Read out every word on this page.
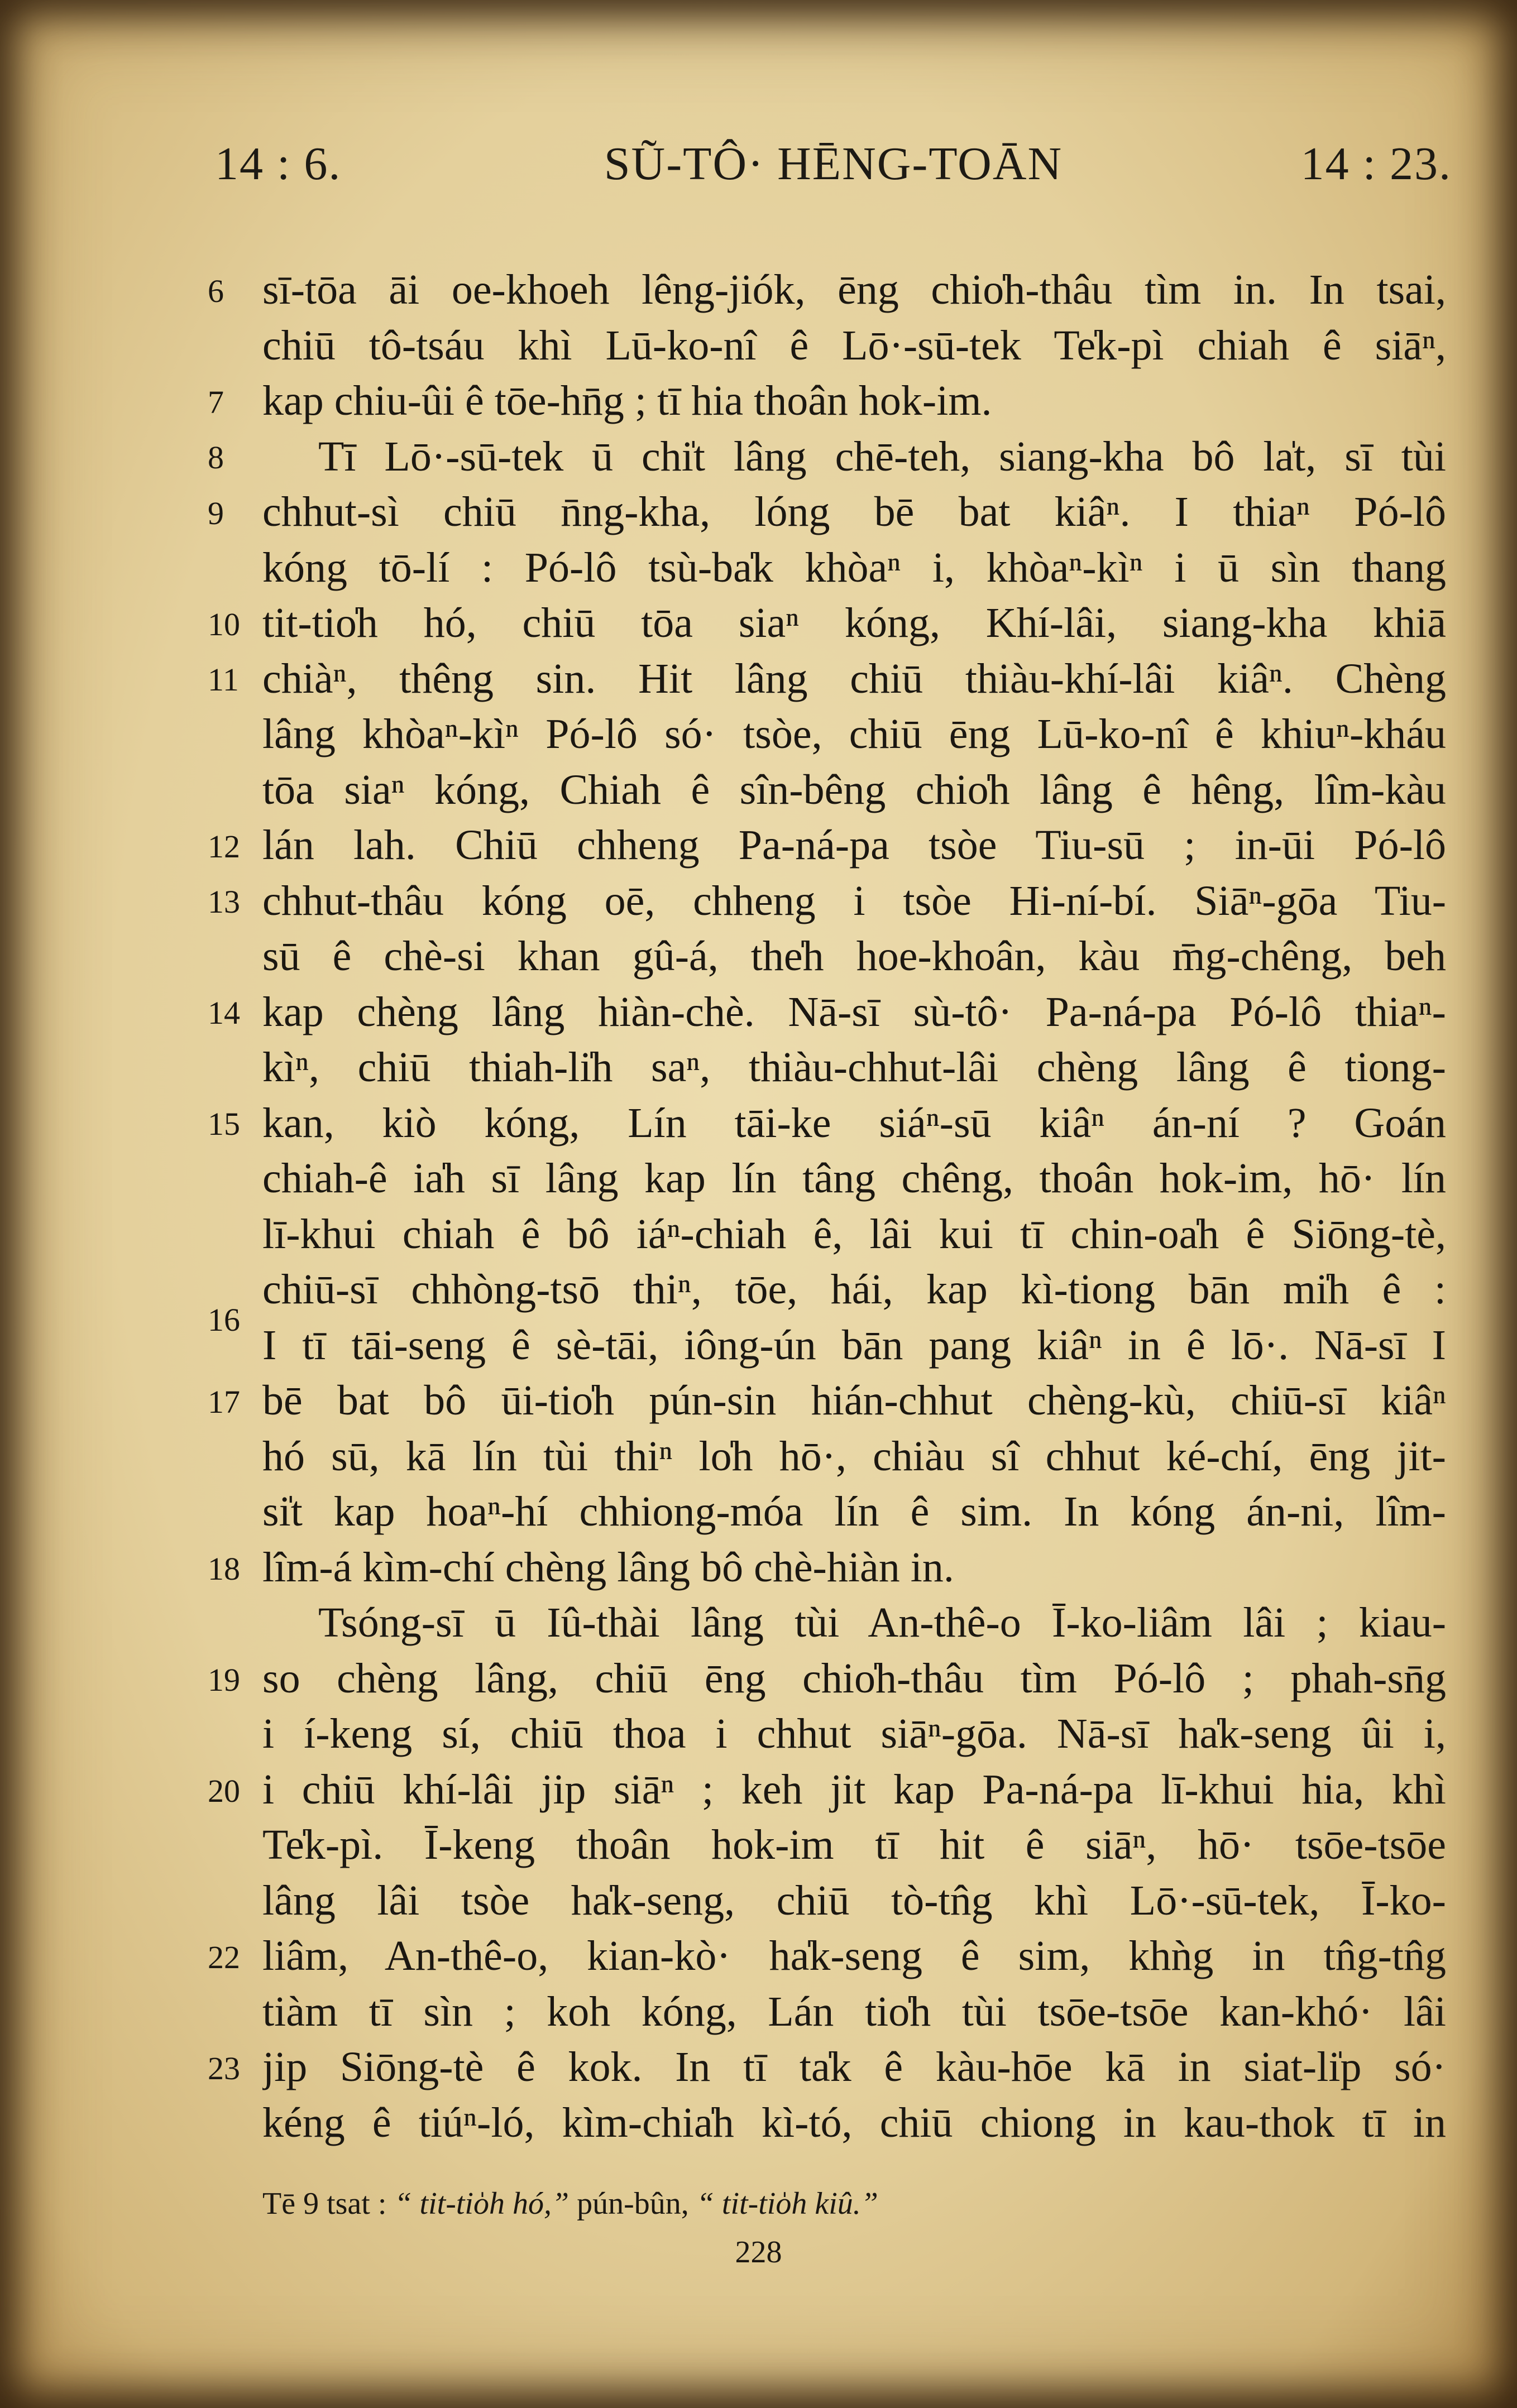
14 : 6.	SŨ-TÔ· HĒNG-TOĀN	14 : 23.
6
7
8
9
10
11
12
13
14
15
16
17
18
19
20
22
23
sī-tōa āi oe-khoeh lêng-jiók, ēng chio̍h-thâu tìm in. In tsai,
chiū tô-tsáu khì Lū-ko-nî ê Lō·-sū-tek Te̍k-pì chiah ê siāⁿ,
kap chiu-ûi ê tōe-hn̄g ; tī hia thoân hok-im.
Tī Lō·-sū-tek ū chi̍t lâng chē-teh, siang-kha bô la̍t, sī tùi
chhut-sì chiū n̄ng-kha, lóng bē bat kiâⁿ. I thiaⁿ Pó-lô
kóng tō-lí : Pó-lô tsù-ba̍k khòaⁿ i, khòaⁿ-kìⁿ i ū sìn thang
tit-tio̍h hó, chiū tōa siaⁿ kóng, Khí-lâi, siang-kha khiā
chiàⁿ, thêng sin. Hit lâng chiū thiàu-khí-lâi kiâⁿ. Chèng
lâng khòaⁿ-kìⁿ Pó-lô só· tsòe, chiū ēng Lū-ko-nî ê khiuⁿ-kháu
tōa siaⁿ kóng, Chiah ê sîn-bêng chio̍h lâng ê hêng, lîm-kàu
lán lah. Chiū chheng Pa-ná-pa tsòe Tiu-sū ; in-ūi Pó-lô
chhut-thâu kóng oē, chheng i tsòe Hi-ní-bí. Siāⁿ-gōa Tiu-
sū ê chè-si khan gû-á, the̍h hoe-khoân, kàu m̄g-chêng, beh
kap chèng lâng hiàn-chè. Nā-sī sù-tô· Pa-ná-pa Pó-lô thiaⁿ-
kìⁿ, chiū thiah-li̍h saⁿ, thiàu-chhut-lâi chèng lâng ê tiong-
kan, kiò kóng, Lín tāi-ke siáⁿ-sū kiâⁿ án-ní ? Goán
chiah-ê ia̍h sī lâng kap lín tâng chêng, thoân hok-im, hō· lín
lī-khui chiah ê bô iáⁿ-chiah ê, lâi kui tī chin-oa̍h ê Siōng-tè,
chiū-sī chhòng-tsō thiⁿ, tōe, hái, kap kì-tiong bān mi̍h ê :
I tī tāi-seng ê sè-tāi, iông-ún bān pang kiâⁿ in ê lō·. Nā-sī I
bē bat bô ūi-tio̍h pún-sin hián-chhut chèng-kù, chiū-sī kiâⁿ
hó sū, kā lín tùi thiⁿ lo̍h hō·, chiàu sî chhut ké-chí, ēng jit-
si̍t kap hoaⁿ-hí chhiong-móa lín ê sim. In kóng án-ni, lîm-
lîm-á kìm-chí chèng lâng bô chè-hiàn in.
Tsóng-sī ū Iû-thài lâng tùi An-thê-o Ī-ko-liâm lâi ; kiau-
so chèng lâng, chiū ēng chio̍h-thâu tìm Pó-lô ; phah-sn̄g
i í-keng sí, chiū thoa i chhut siāⁿ-gōa. Nā-sī ha̍k-seng ûi i,
i chiū khí-lâi jip siāⁿ ; keh jit kap Pa-ná-pa lī-khui hia, khì
Te̍k-pì. Ī-keng thoân hok-im tī hit ê siāⁿ, hō· tsōe-tsōe
lâng lâi tsòe ha̍k-seng, chiū tò-tn̂g khì Lō·-sū-tek, Ī-ko-
liâm, An-thê-o, kian-kò· ha̍k-seng ê sim, khǹg in tn̂g-tn̂g
tiàm tī sìn ; koh kóng, Lán tio̍h tùi tsōe-tsōe kan-khó· lâi
jip Siōng-tè ê kok. In tī ta̍k ê kàu-hōe kā in siat-li̍p só·
kéng ê tiúⁿ-ló, kìm-chia̍h kì-tó, chiū chiong in kau-thok tī in
Tē 9 tsat : “ tit-tio̍h hó,” pún-bûn, “ tit-tio̍h kiû.”
228
